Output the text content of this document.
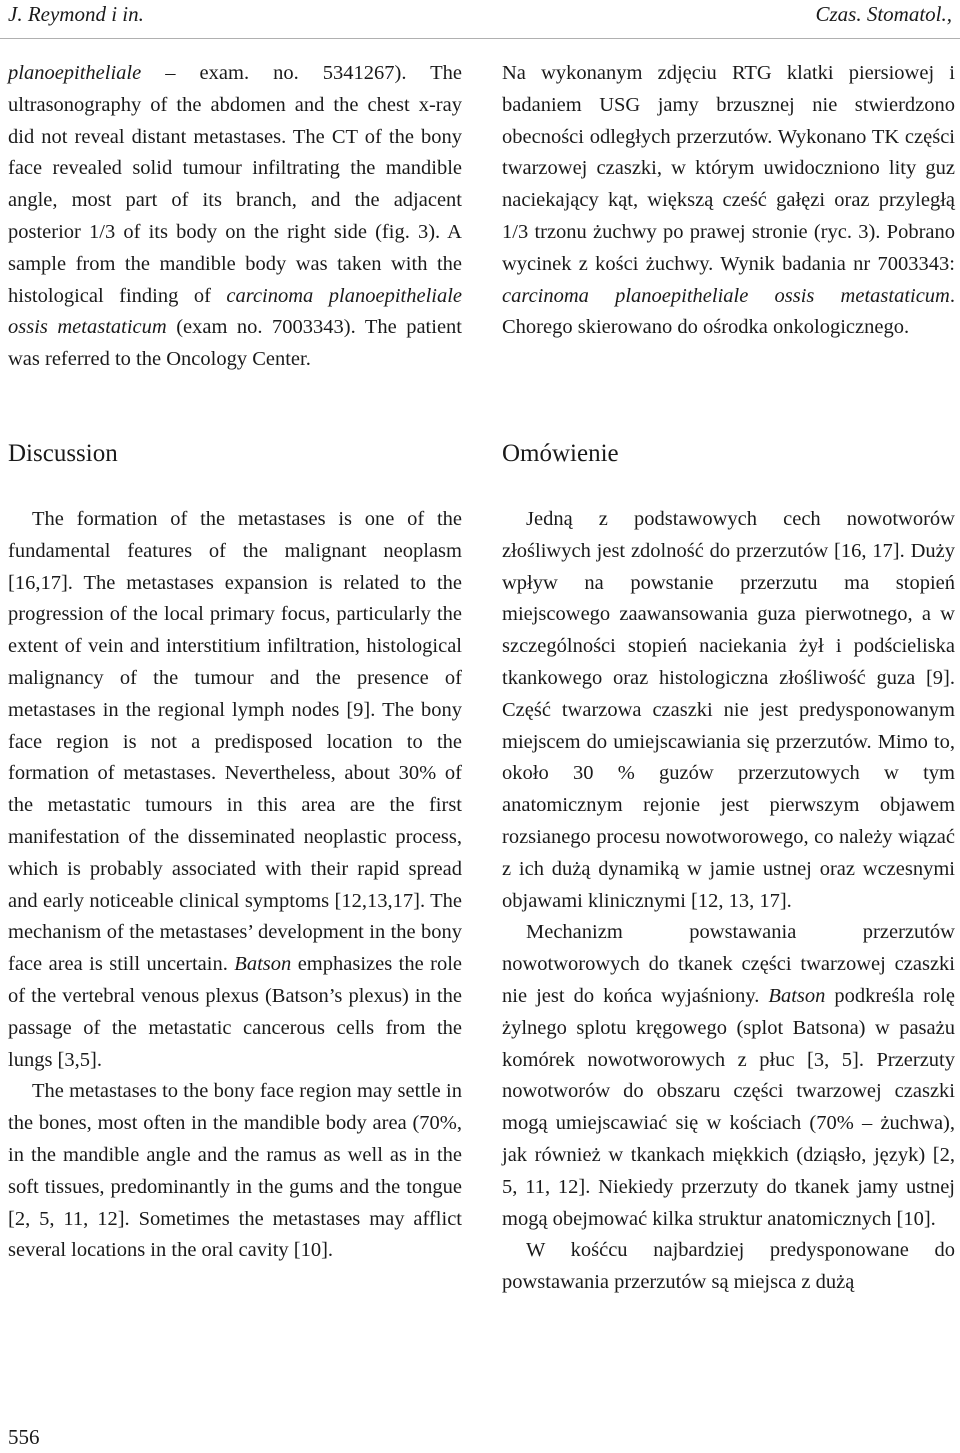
J. Reymond i in.	Czas. Stomatol.,

planoepitheliale – exam. no. 5341267). The ultrasonography of the abdomen and the chest x-ray did not reveal distant metastases. The CT of the bony face revealed solid tumour infiltrating the mandible angle, most part of its branch, and the adjacent posterior 1/3 of its body on the right side (fig. 3). A sample from the mandible body was taken with the histological finding of carcinoma planoepitheliale ossis metastaticum (exam no. 7003343). The patient was referred to the Oncology Center.

Na wykonanym zdjęciu RTG klatki piersiowej i badaniem USG jamy brzusznej nie stwierdzono obecności odległych przerzutów. Wykonano TK części twarzowej czaszki, w którym uwidoczniono lity guz naciekający kąt, większą cześć gałęzi oraz przyległą 1/3 trzonu żuchwy po prawej stronie (ryc. 3). Pobrano wycinek z kości żuchwy. Wynik badania nr 7003343: carcinoma planoepitheliale ossis metastaticum. Chorego skierowano do ośrodka onkologicznego.

Discussion	Omówienie

The formation of the metastases is one of the fundamental features of the malignant neoplasm [16,17]. The metastases expansion is related to the progression of the local primary focus, particularly the extent of vein and interstitium infiltration, histological malignancy of the tumour and the presence of metastases in the regional lymph nodes [9]. The bony face region is not a predisposed location to the formation of metastases. Nevertheless, about 30% of the metastatic tumours in this area are the first manifestation of the disseminated neoplastic process, which is probably associated with their rapid spread and early noticeable clinical symptoms [12,13,17]. The mechanism of the metastases’ development in the bony face area is still uncertain. Batson emphasizes the role of the vertebral venous plexus (Batson’s plexus) in the passage of the metastatic cancerous cells from the lungs [3,5].

The metastases to the bony face region may settle in the bones, most often in the mandible body area (70%, in the mandible angle and the ramus as well as in the soft tissues, predominantly in the gums and the tongue [2, 5, 11, 12]. Sometimes the metastases may afflict several locations in the oral cavity [10].

Jedną z podstawowych cech nowotworów złośliwych jest zdolność do przerzutów [16, 17]. Duży wpływ na powstanie przerzutu ma stopień miejscowego zaawansowania guza pierwotnego, a w szczególności stopień naciekania żył i podścieliska tkankowego oraz histologiczna złośliwość guza [9]. Część twarzowa czaszki nie jest predysponowanym miejscem do umiejscawiania się przerzutów. Mimo to, około 30 % guzów przerzutowych w tym anatomicznym rejonie jest pierwszym objawem rozsianego procesu nowotworowego, co należy wiązać z ich dużą dynamiką w jamie ustnej oraz wczesnymi objawami klinicznymi [12, 13, 17].

Mechanizm powstawania przerzutów nowotworowych do tkanek części twarzowej czaszki nie jest do końca wyjaśniony. Batson podkreśla rolę żylnego splotu kręgowego (splot Batsona) w pasażu komórek nowotworowych z płuc [3, 5]. Przerzuty nowotworów do obszaru części twarzowej czaszki mogą umiejscawiać się w kościach (70% – żuchwa), jak również w tkankach miękkich (dziąsło, język) [2, 5, 11, 12]. Niekiedy przerzuty do tkanek jamy ustnej mogą obejmować kilka struktur anatomicznych [10].

W kośćcu najbardziej predysponowane do powstawania przerzutów są miejsca z dużą

556
